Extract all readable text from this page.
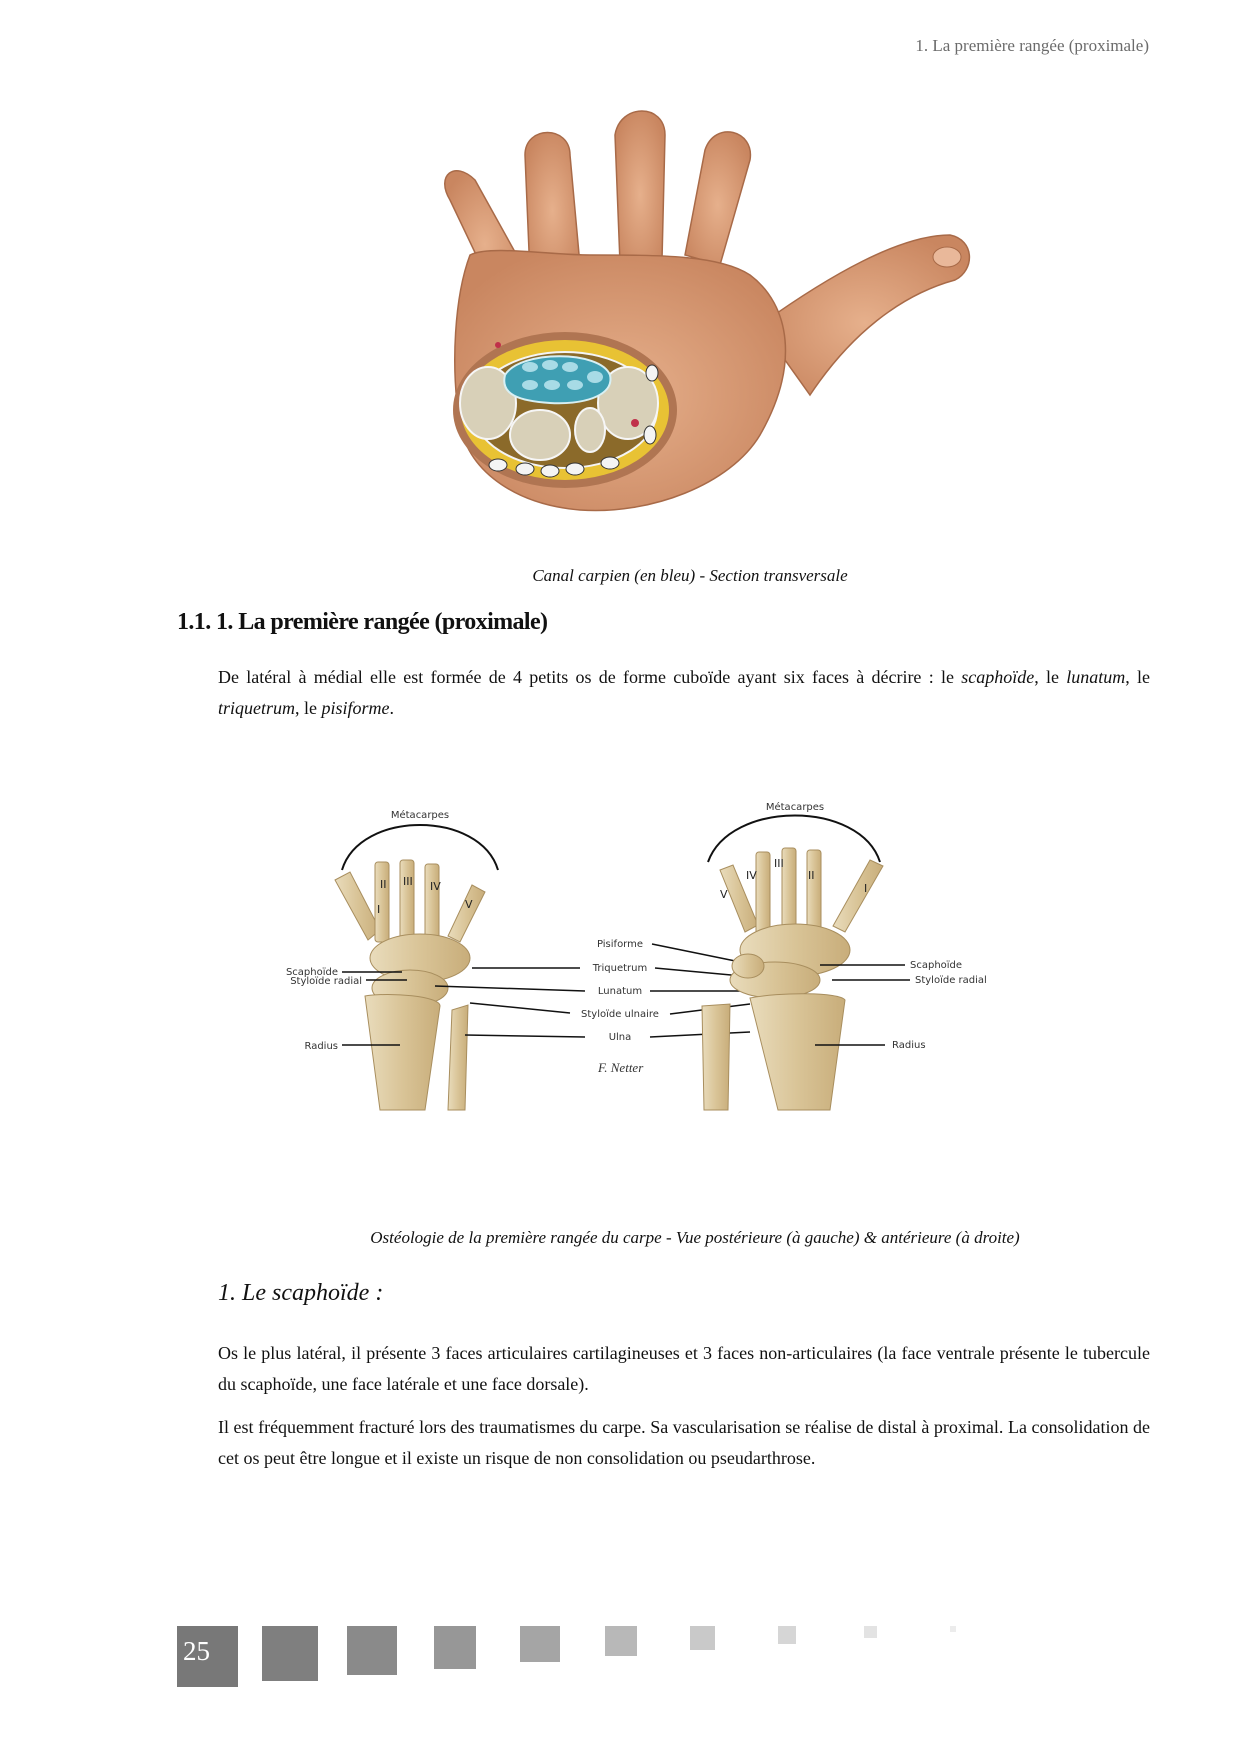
1. La première rangée (proximale)
Canal carpien (en bleu) - Section transversale
1.1. 1. La première rangée (proximale)
De latéral à médial elle est formée de 4 petits os de forme cuboïde ayant six faces à décrire : le scaphoïde, le lunatum, le triquetrum, le pisiforme.
Métacarpes
I
II III IV
V
Scaphoïde
Styloïde radial
Radius
Pisiforme
Triquetrum
Lunatum
Styloïde ulnaire
Ulna
F. Netter
Métacarpes
V
IV
III
II
I
Scaphoïde
Styloïde radial
Radius
Ostéologie de la première rangée du carpe - Vue postérieure (à gauche) & antérieure (à droite)
1. Le scaphoïde :
Os le plus latéral, il présente 3 faces articulaires cartilagineuses et 3 faces non-articulaires (la face ventrale présente le tubercule du scaphoïde, une face latérale et une face dorsale).
Il est fréquemment fracturé lors des traumatismes du carpe. Sa vascularisation se réalise de distal à proximal. La consolidation de cet os peut être longue et il existe un risque de non consolidation ou pseudarthrose.
25
